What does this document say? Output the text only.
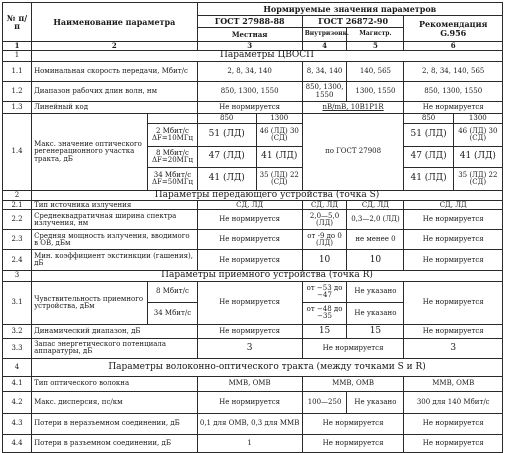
№ п/п	Наименование параметра		Нормируемые значения параметров					
			ГОСТ 27988-88		ГОСТ 26872-90		Рекомендация G.956	
			Местная		Внутризонк.	Магистр.		
1	2		3		4	5	6	
1	Параметры ЦВОСП							
1.1	Номинальная скорость передачи, Мбит/с		2, 8, 34, 140		8, 34, 140	140, 565	2, 8, 34, 140, 565	
1.2	Диапазон рабочих длин волн, нм		850, 1300, 1550		850, 1300, 1550	1300, 1550	850, 1300, 1550	
1.3	Линейный код		Не нормируется		nB/mB, 10B1P1R		Не нормируется	
1.4	Макс. значение оптического регенерационного участка тракта, дБ		850	1300	по ГОСТ 27908		850	1300
		2 Мбит/с ΔF=10МГц	51 (ЛД)	46 (ЛД) 30 (СД)			51 (ЛД)	46 (ЛД) 30 (СД)
		8 Мбит/с ΔF=20МГц	47 (ЛД)	41 (ЛД)			47 (ЛД)	41 (ЛД)
		34 Мбит/с ΔF=50МГц	41 (ЛД)	35 (ЛД) 22 (СД)			41 (ЛД)	35 (ЛД) 22 (СД)
2	Параметры передающего устройства (точка S)							
2.1	Тип источника излучения		СД, ЛД		СД, ЛД	СД, ЛД	СД, ЛД	
2.2	Среднеквадратичная ширина спектра излучения, нм		Не нормируется		2,0—5,0 (ЛД)	0,3—2,0 (ЛД)	Не нормируется	
2.3	Средняя мощность излучения, вводимого в ОВ, дБм		Не нормируется		от -9 до 0 (ЛД)	не менее 0	Не нормируется	
2.4	Мин. коэффициент экстинкции (гашения), дБ		Не нормируется		10	10	Не нормируется	
3	Параметры приемного устройства (точка R)							
3.1	Чувствительность приемного устройства, дБм	8 Мбит/с	Не нормируется		от −53 до −47	Не указано	Не нормируется	
		34 Мбит/с			от −48 до −35	Не указано		
3.2	Динамический диапазон, дБ		Не нормируется		15	15	Не нормируется	
3.3	Запас энергетического потенциала аппаратуры, дБ		3		Не нормируется		3	
4	Параметры волоконно-оптического тракта (между точками S и R)							
4.1	Тип оптического волокна		ММВ, ОМВ		ММВ, ОМВ		ММВ, ОМВ	
4.2	Макс. дисперсия, пс/км		Не нормируется		100—250	Не указано	300 для 140 Мбит/с	
4.3	Потери в неразъемном соединении, дБ		0,1 для ОМВ, 0,3 для ММВ		Не нормируется		Не нормируется	
4.4	Потери в разъемном соединении, дБ		1		Не нормируется		Не нормируется	
